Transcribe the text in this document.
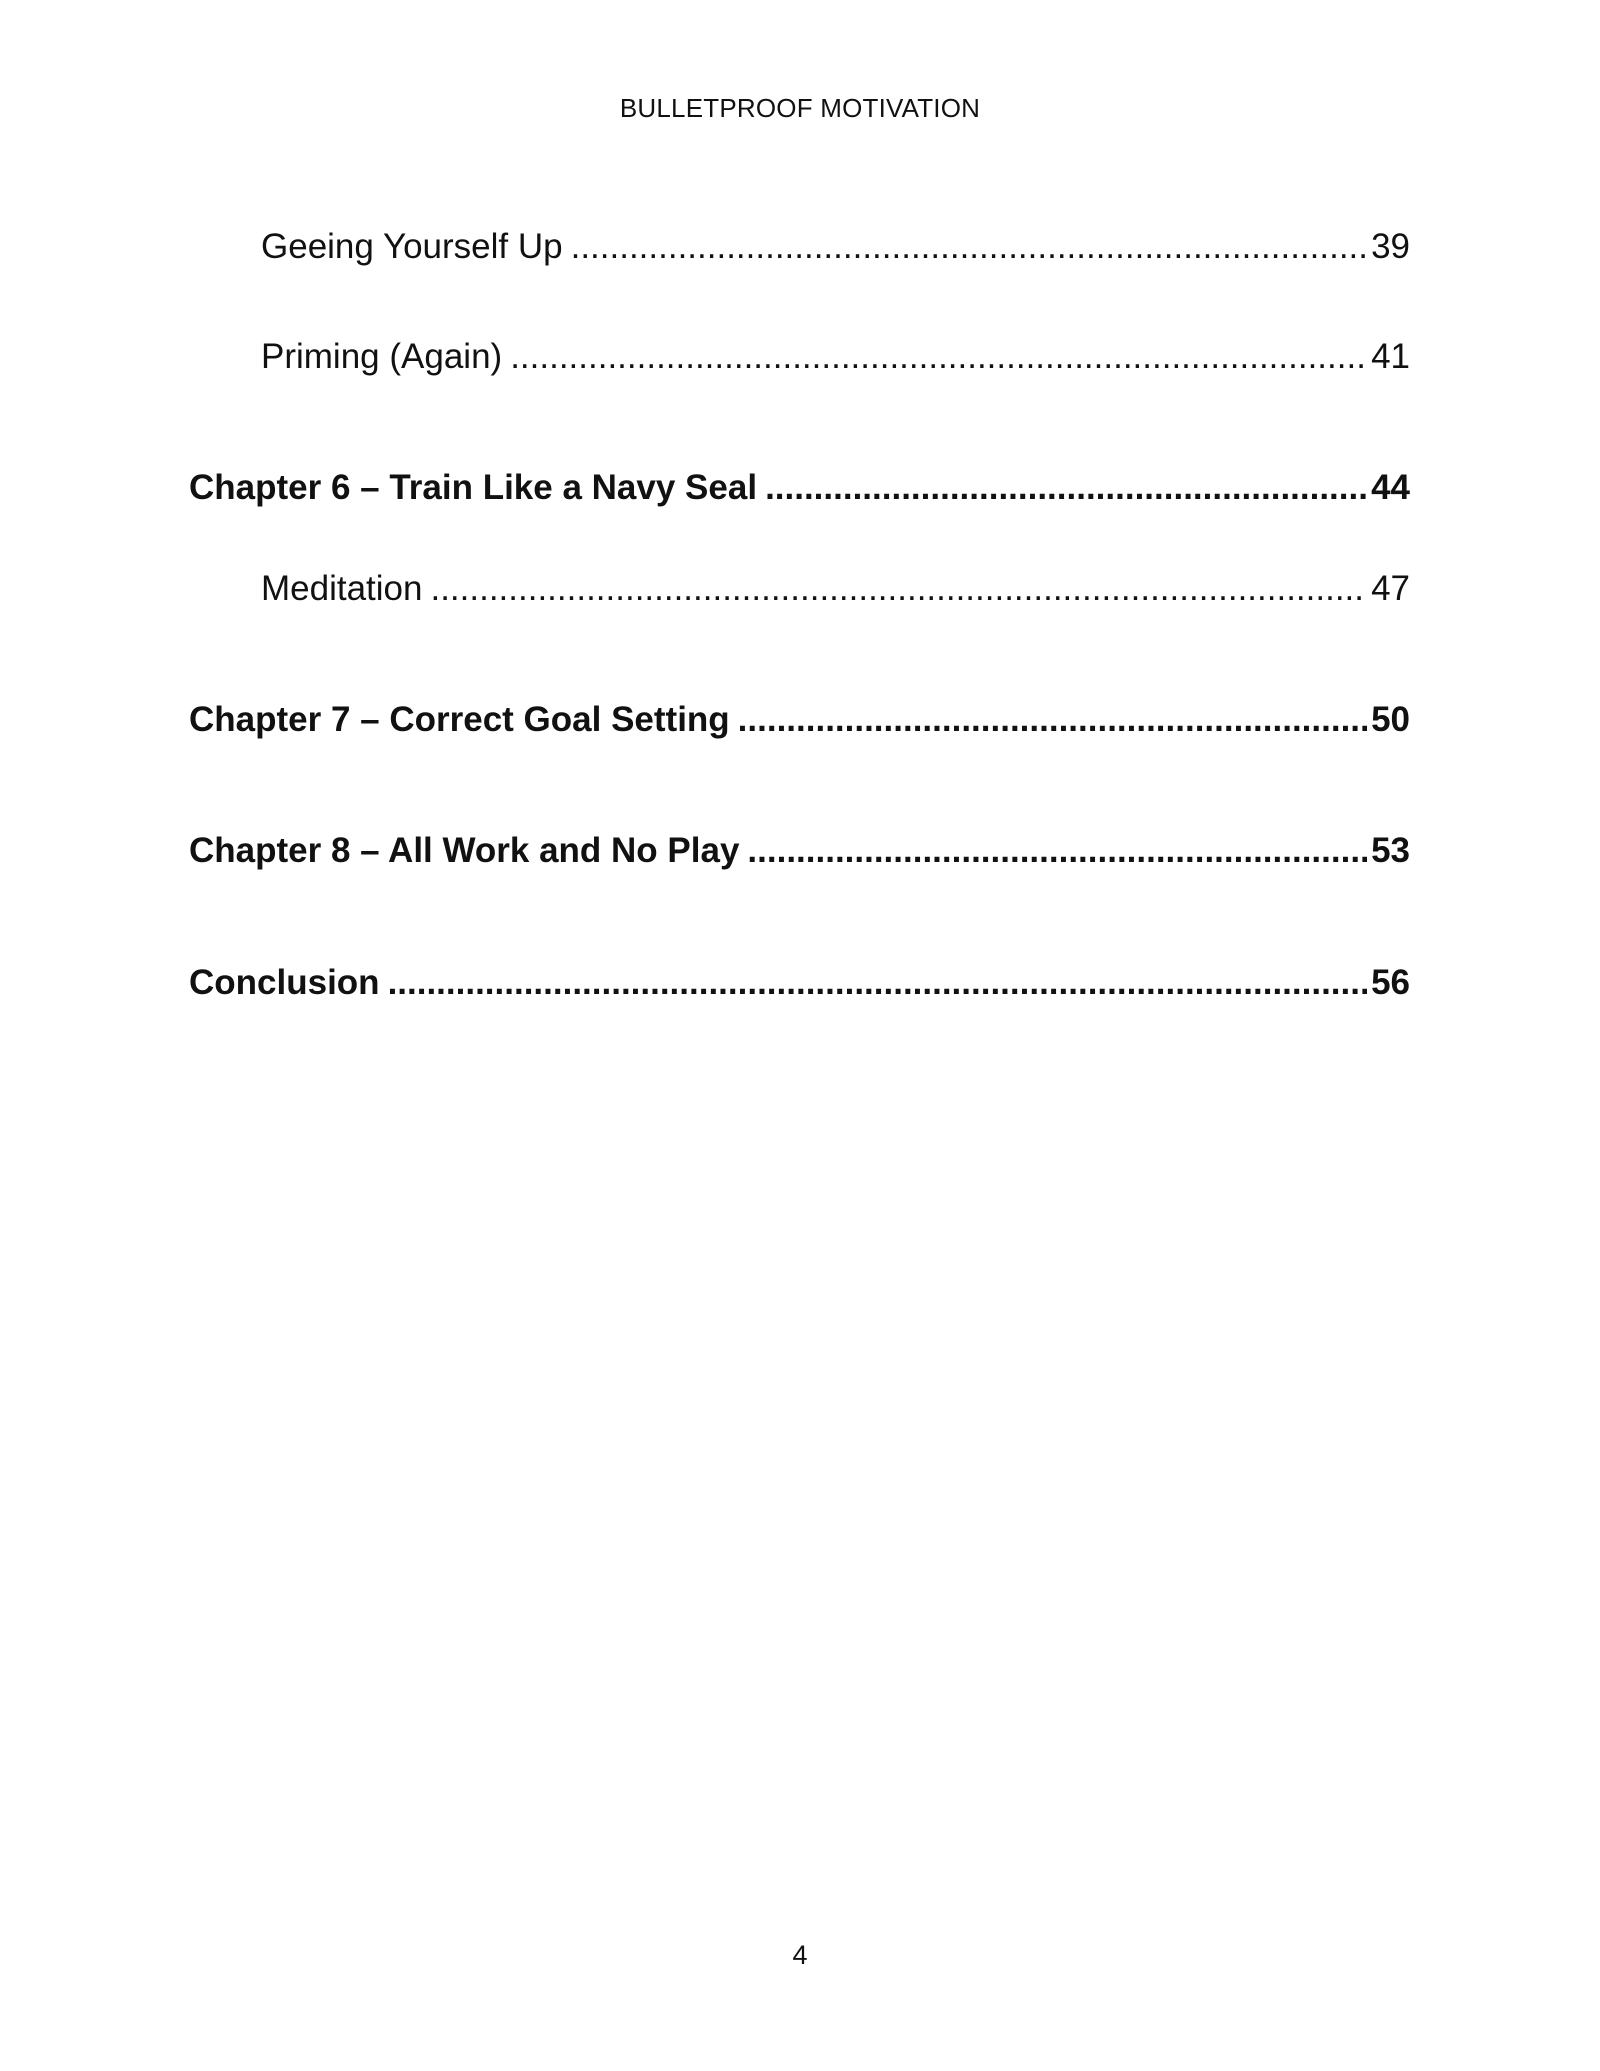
BULLETPROOF MOTIVATION
Geeing Yourself Up .....	39
Priming (Again) .....	41
Chapter 6 – Train Like a Navy Seal .....	44
Meditation .....	47
Chapter 7 – Correct Goal Setting .....	50
Chapter 8 – All Work and No Play .....	53
Conclusion .....	56
4
